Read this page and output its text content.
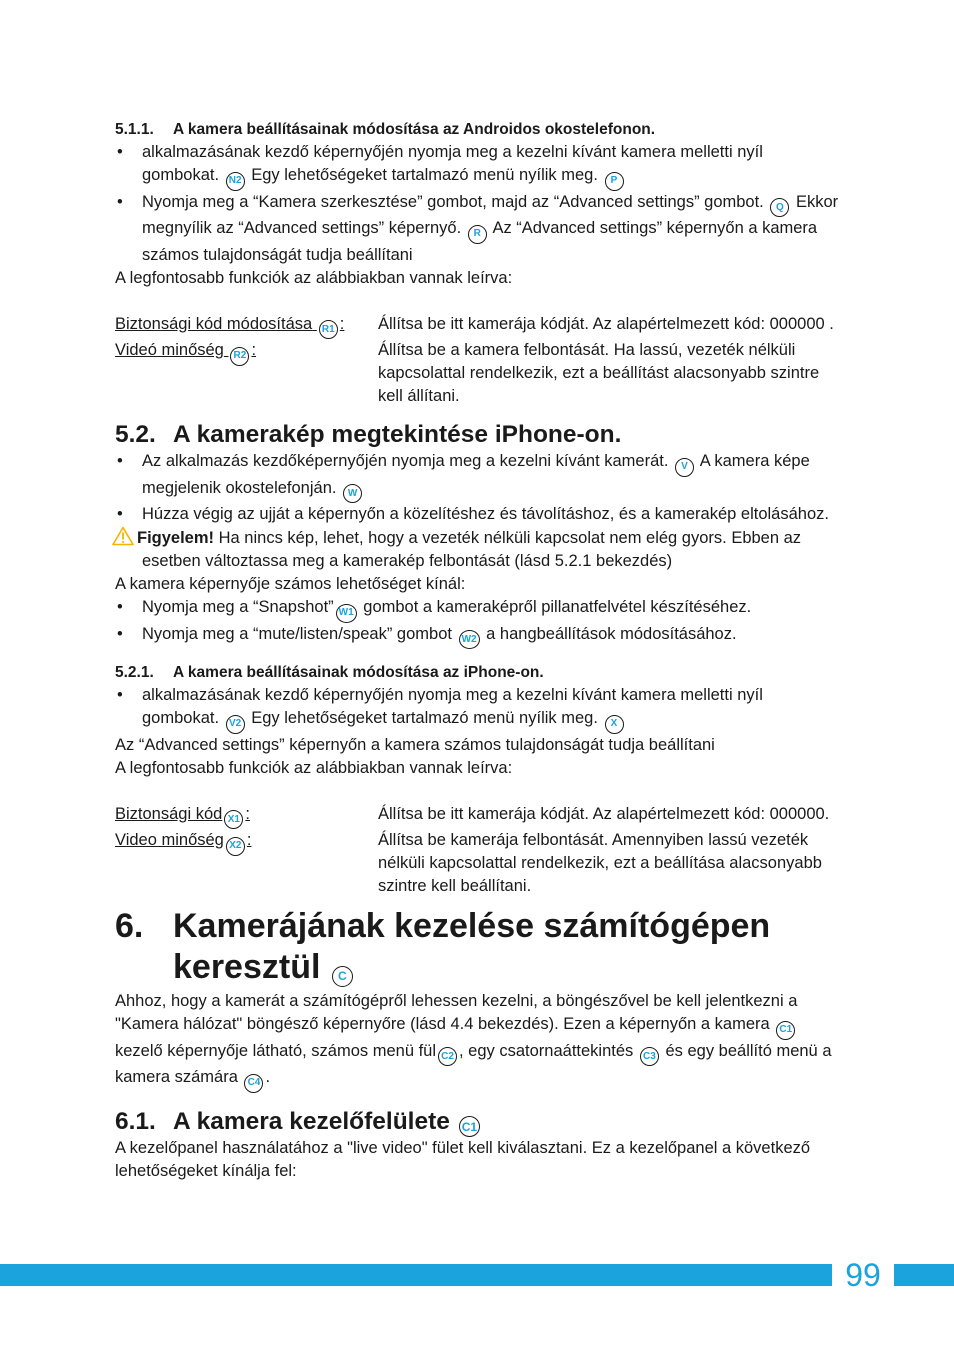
5.1.1. A kamera beállításainak módosítása az Androidos okostelefonon.
• alkalmazásának kezdő képernyőjén nyomja meg a kezelni kívánt kamera melletti nyíl gombokat. N2 Egy lehetőségeket tartalmazó menü nyílik meg. P
• Nyomja meg a “Kamera szerkesztése” gombot, majd az “Advanced settings” gombot. Q Ekkor megnyílik az “Advanced settings” képernyő. R Az “Advanced settings” képernyőn a kamera számos tulajdonságát tudja beállítani
A legfontosabb funkciók az alábbiakban vannak leírva:
Biztonsági kód módosítása R1 :	Állítsa be itt kamerája kódját. Az alapértelmezett kód: 000000 .
Videó minőség R2 :	Állítsa be a kamera felbontását. Ha lassú, vezeték nélküli kapcsolattal rendelkezik, ezt a beállítást alacsonyabb szintre kell állítani.
5.2. A kamerakép megtekintése iPhone-on.
• Az alkalmazás kezdőképernyőjén nyomja meg a kezelni kívánt kamerát. V A kamera képe megjelenik okostelefonján. W
• Húzza végig az ujját a képernyőn a közelítéshez és távolításhoz, és a kamerakép eltolásához.
Figyelem! Ha nincs kép, lehet, hogy a vezeték nélküli kapcsolat nem elég gyors. Ebben az esetben változtassa meg a kamerakép felbontását (lásd 5.2.1 bekezdés)
A kamera képernyője számos lehetőséget kínál:
• Nyomja meg a “Snapshot” W1 gombot a kameraképről pillanatfelvétel készítéséhez.
• Nyomja meg a “mute/listen/speak” gombot W2 a hangbeállítások módosításához.
5.2.1. A kamera beállításainak módosítása az iPhone-on.
• alkalmazásának kezdő képernyőjén nyomja meg a kezelni kívánt kamera melletti nyíl gombokat. V2 Egy lehetőségeket tartalmazó menü nyílik meg. X
Az “Advanced settings” képernyőn a kamera számos tulajdonságát tudja beállítani
A legfontosabb funkciók az alábbiakban vannak leírva:
Biztonsági kód X1 :	Állítsa be itt kamerája kódját. Az alapértelmezett kód: 000000.
Video minőség X2 :	Állítsa be kamerája felbontását. Amennyiben lassú vezeték nélküli kapcsolattal rendelkezik, ezt a beállítása alacsonyabb szintre kell beállítani.
6. Kamerájának kezelése számítógépen
keresztül C
Ahhoz, hogy a kamerát a számítógépről lehessen kezelni, a böngészővel be kell jelentkezni a "Kamera hálózat" böngésző képernyőre (lásd 4.4 bekezdés). Ezen a képernyőn a kamera C1 kezelő képernyője látható, számos menü fül C2 , egy csatornaáttekintés C3 és egy beállító menü a kamera számára C4 .
6.1. A kamera kezelőfelülete C1
A kezelőpanel használatához a "live video" fület kell kiválasztani. Ez a kezelőpanel a következő lehetőségeket kínálja fel:
99
